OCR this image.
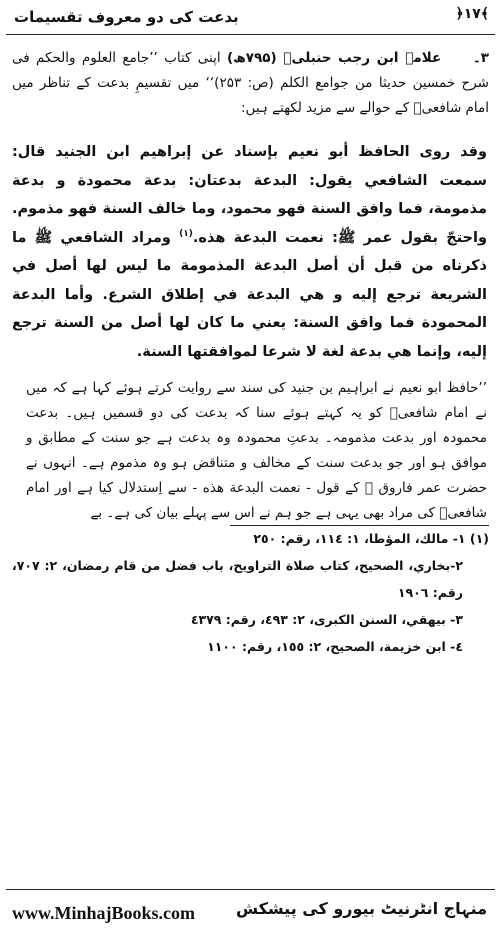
﴾۱۷﴿
بدعت کی دو معروف تقسیمات
٣۔     علامہ ابن رجب حنبلیؒ (۷۹۵ھ) اپنی کتاب ’’جامع العلوم والحکم فی شرح خمسین حدیثا من جوامع الکلم (ص: ۲۵۳)‘‘ میں تقسیمِ بدعت کے تناظر میں امام شافعیؒ کے حوالے سے مزید لکھتے ہیں:
وقد روى الحافظ أبو نعيم بإسناد عن إبراهيم ابن الجنيد قال: سمعت الشافعي يقول: البدعة بدعتان: بدعة محمودة و بدعة مذمومة، فما وافق السنة فهو محمود، وما خالف السنة فهو مذموم. واحتجّ بقول عمر ﷺ: نعمت البدعة هذه.$^{(١)}$ ومراد الشافعي ﷺ ما ذكرناه من قبل أن أصل البدعة المذمومة ما ليس لها أصل في الشريعة ترجع إليه و هي البدعة في إطلاق الشرع. وأما البدعة المحمودة فما وافق السنة: يعني ما كان لها أصل من السنة ترجع إليه، وإنما هي بدعة لغة لا شرعا لموافقتها السنة.
’’حافظ ابو نعیم نے ابراہیم بن جنید کی سند سے روایت کرتے ہوئے کہا ہے کہ میں نے امام شافعیؒ کو یہ کہتے ہوئے سنا کہ بدعت کی دو قسمیں ہیں۔ بدعت محمودہ اور بدعت مذمومہ۔ بدعتِ محمودہ وہ بدعت ہے جو سنت کے مطابق و موافق ہو اور جو بدعت سنت کے مخالف و متناقض ہو وہ مذموم ہے۔ انہوں نے حضرت عمر فاروق ﷺ کے قول - نعمت البدعة هذه - سے اِستدلال کیا ہے اور امام شافعیؒ کی مراد بھی یہی ہے جو ہم نے اس سے پہلے بیان کی ہے۔ بے
(١) ١- مالك، المؤطا، ١: ١١٤، رقم: ٢٥٠
٢-بخاري، الصحيح، كتاب صلاة التراويح، باب فضل من قام رمضان، ٢: ٧٠٧، رقم: ١٩٠٦
٣- بيهقي، السنن الكبرى، ٢: ٤٩٣، رقم: ٤٣٧٩
٤- ابن خزيمة، الصحيح، ٢: ١٥٥، رقم: ١١٠٠
www.MinhajBooks.com	منہاج انٹرنیٹ بیورو کی پیشکش
